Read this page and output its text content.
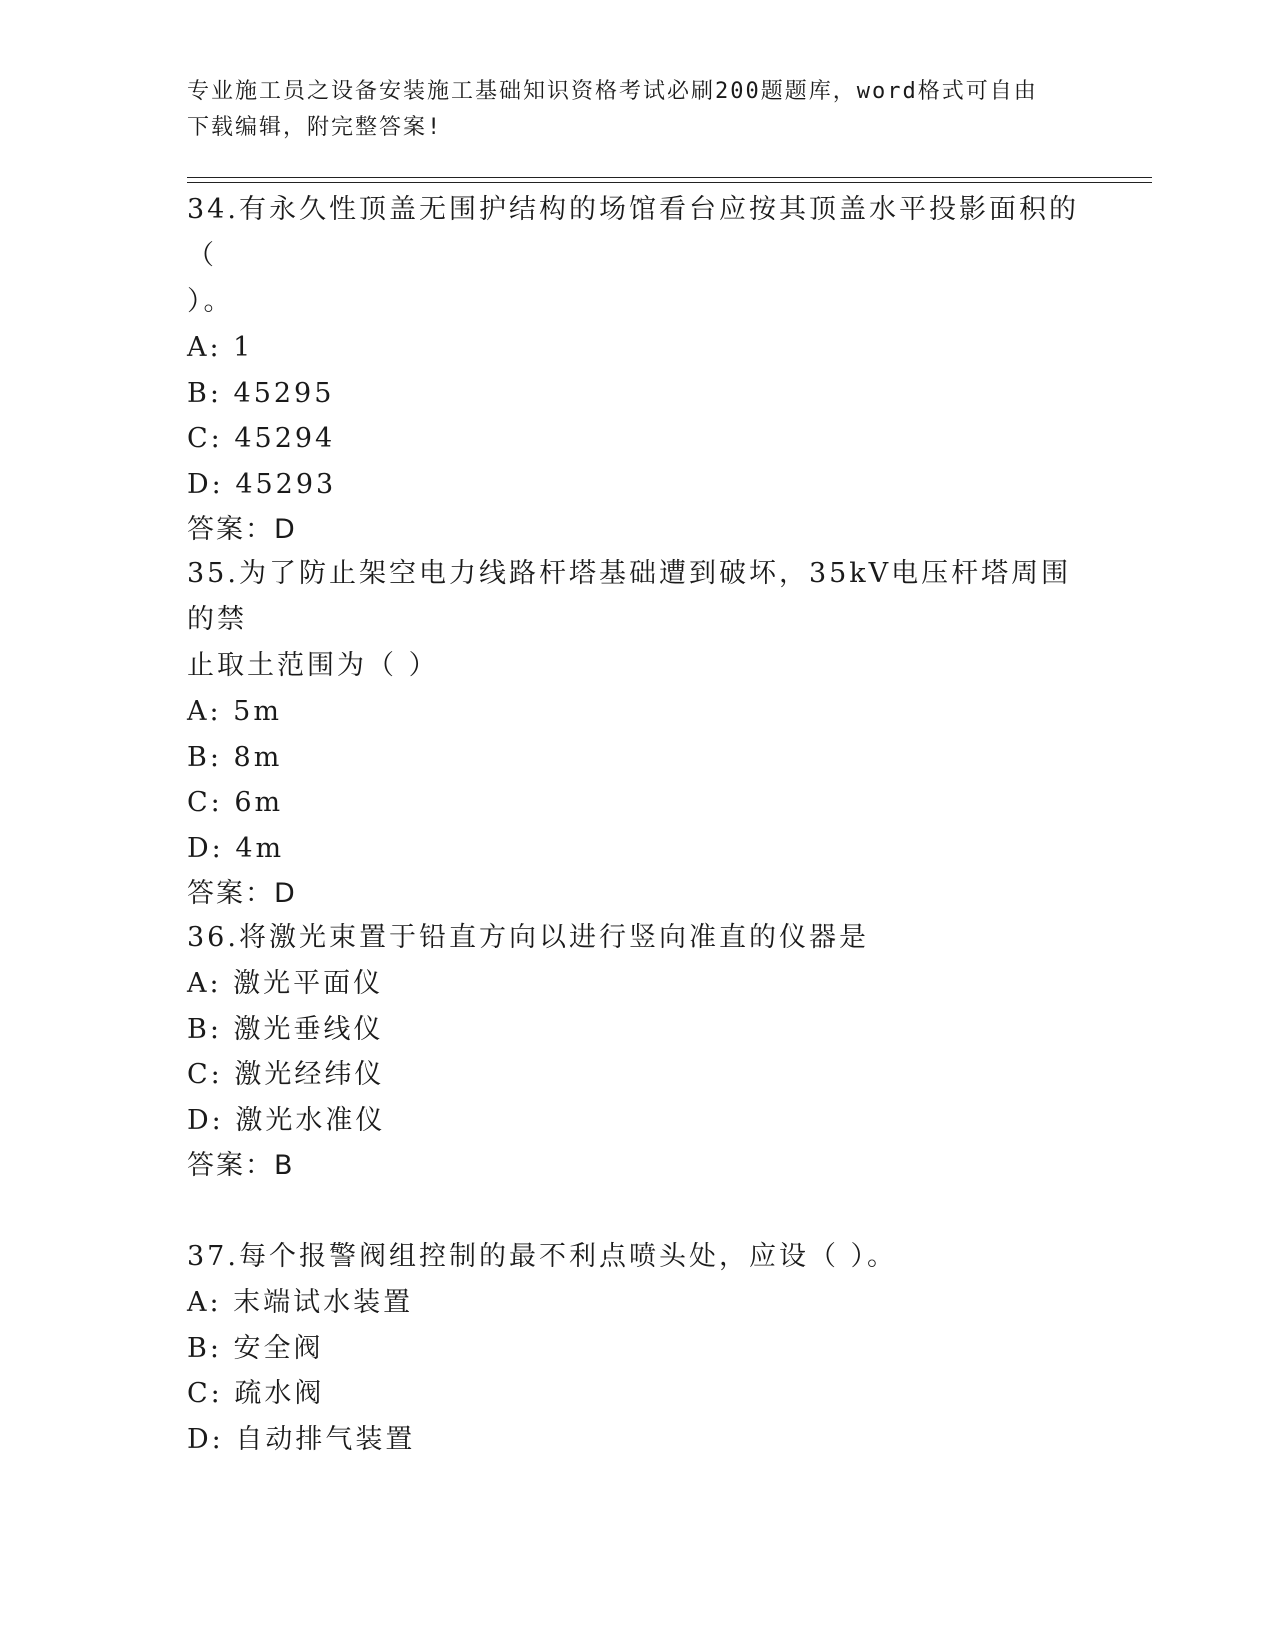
专业施工员之设备安装施工基础知识资格考试必刷200题题库，word格式可自由
下载编辑，附完整答案!

34.有永久性顶盖无围护结构的场馆看台应按其顶盖水平投影面积的（

）。

A: 1

B: 45295

C: 45294

D: 45293

答案：D

35.为了防止架空电力线路杆塔基础遭到破坏，35kV电压杆塔周围的禁

止取土范围为（ ）

A: 5m

B: 8m

C: 6m

D: 4m

答案：D

36.将激光束置于铅直方向以进行竖向准直的仪器是

A: 激光平面仪

B: 激光垂线仪

C: 激光经纬仪

D: 激光水准仪

答案：B

37.每个报警阀组控制的最不利点喷头处，应设（ ）。

A: 末端试水装置

B: 安全阀

C: 疏水阀

D: 自动排气装置
